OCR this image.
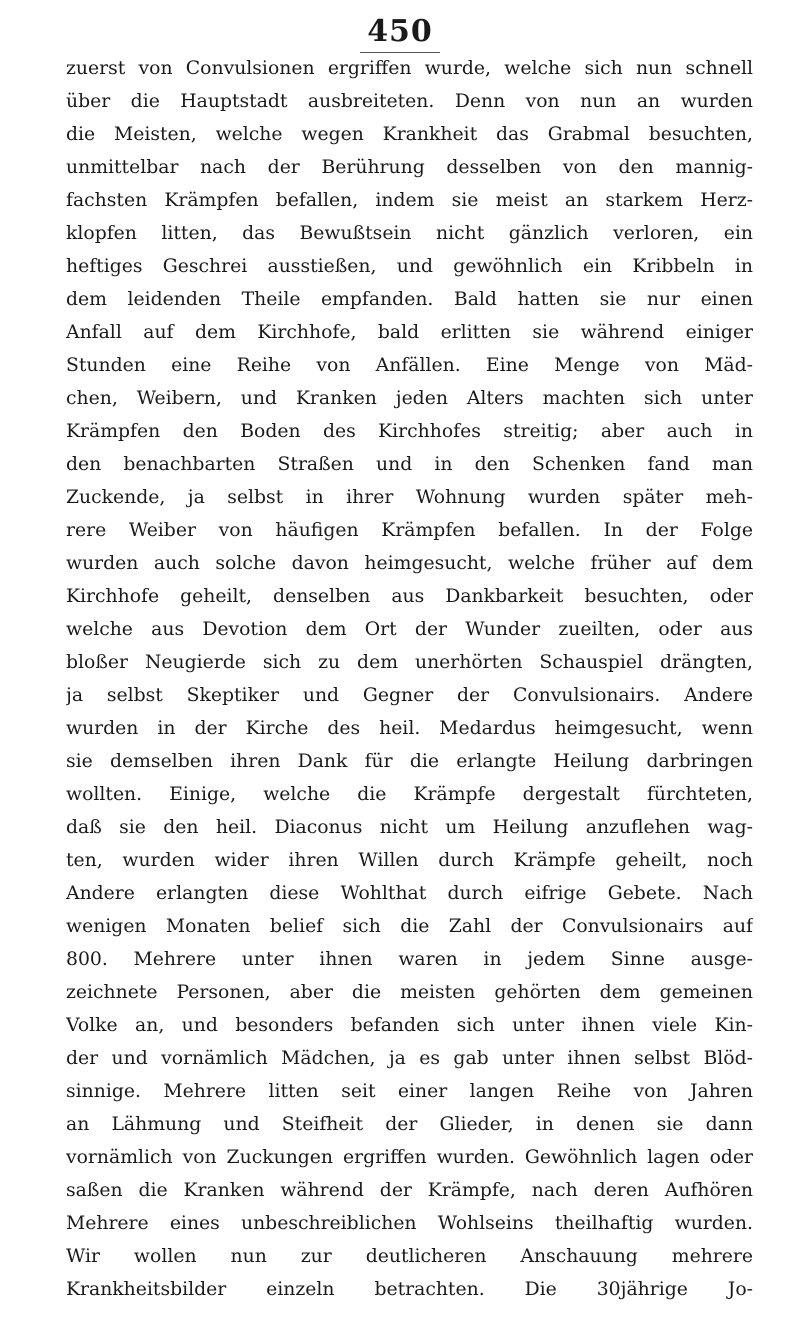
450
zuerst von Convulsionen ergriffen wurde, welche sich nun schnell
über die Hauptstadt ausbreiteten. Denn von nun an wurden
die Meisten, welche wegen Krankheit das Grabmal besuchten,
unmittelbar nach der Berührung desselben von den mannig-
fachsten Krämpfen befallen, indem sie meist an starkem Herz-
klopfen litten, das Bewußtsein nicht gänzlich verloren, ein
heftiges Geschrei ausstießen, und gewöhnlich ein Kribbeln in
dem leidenden Theile empfanden. Bald hatten sie nur einen
Anfall auf dem Kirchhofe, bald erlitten sie während einiger
Stunden eine Reihe von Anfällen. Eine Menge von Mäd-
chen, Weibern, und Kranken jeden Alters machten sich unter
Krämpfen den Boden des Kirchhofes streitig; aber auch in
den benachbarten Straßen und in den Schenken fand man
Zuckende, ja selbst in ihrer Wohnung wurden später meh-
rere Weiber von häufigen Krämpfen befallen. In der Folge
wurden auch solche davon heimgesucht, welche früher auf dem
Kirchhofe geheilt, denselben aus Dankbarkeit besuchten, oder
welche aus Devotion dem Ort der Wunder zueilten, oder aus
bloßer Neugierde sich zu dem unerhörten Schauspiel drängten,
ja selbst Skeptiker und Gegner der Convulsionairs. Andere
wurden in der Kirche des heil. Medardus heimgesucht, wenn
sie demselben ihren Dank für die erlangte Heilung darbringen
wollten. Einige, welche die Krämpfe dergestalt fürchteten,
daß sie den heil. Diaconus nicht um Heilung anzuflehen wag-
ten, wurden wider ihren Willen durch Krämpfe geheilt, noch
Andere erlangten diese Wohlthat durch eifrige Gebete. Nach
wenigen Monaten belief sich die Zahl der Convulsionairs auf
800. Mehrere unter ihnen waren in jedem Sinne ausge-
zeichnete Personen, aber die meisten gehörten dem gemeinen
Volke an, und besonders befanden sich unter ihnen viele Kin-
der und vornämlich Mädchen, ja es gab unter ihnen selbst Blöd-
sinnige. Mehrere litten seit einer langen Reihe von Jahren
an Lähmung und Steifheit der Glieder, in denen sie dann
vornämlich von Zuckungen ergriffen wurden. Gewöhnlich lagen oder
saßen die Kranken während der Krämpfe, nach deren Aufhören
Mehrere eines unbeschreiblichen Wohlseins theilhaftig wurden.
Wir wollen nun zur deutlicheren Anschauung mehrere
Krankheitsbilder einzeln betrachten. Die 30jährige Jo-
